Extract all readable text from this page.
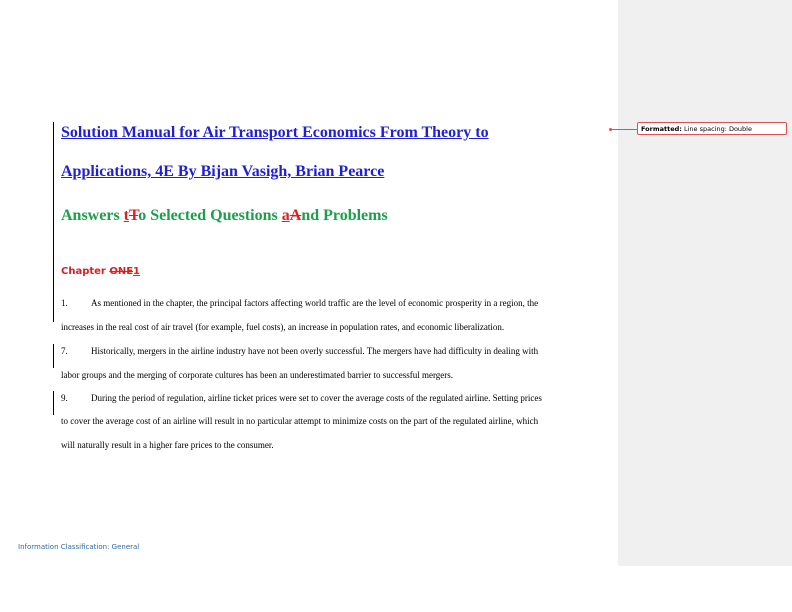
Solution Manual for Air Transport Economics From Theory to
Applications, 4E By Bijan Vasigh, Brian Pearce
Answers tTo Selected Questions aAnd Problems
Chapter ONE1
1.	As mentioned in the chapter, the principal factors affecting world traffic are the level of economic prosperity in a region, the
increases in the real cost of air travel (for example, fuel costs), an increase in population rates, and economic liberalization.
7.	Historically, mergers in the airline industry have not been overly successful. The mergers have had difficulty in dealing with
labor groups and the merging of corporate cultures has been an underestimated barrier to successful mergers.
9.	During the period of regulation, airline ticket prices were set to cover the average costs of the regulated airline. Setting prices
to cover the average cost of an airline will result in no particular attempt to minimize costs on the part of the regulated airline, which
will naturally result in a higher fare prices to the consumer.
Information Classification: General
Formatted: Line spacing: Double
